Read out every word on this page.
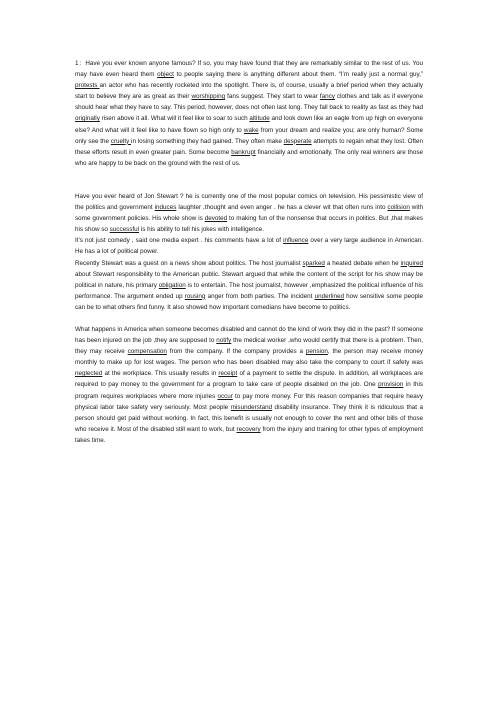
1：Have you ever known anyone famous? If so, you may have found that they are remarkably similar to the rest of us. You may have even heard them object to people saying there is anything different about them. “I’m really just a normal guy,” protests an actor who has recently rocketed into the spotlight. There is, of course, usually a brief period when they actually start to believe they are as great as their worshipping fans suggest. They start to wear fancy clothes and talk as if everyone should hear what they have to say. This period, however, does not often last long. They fall back to reality as fast as they had originally risen above it all. What will it feel like to soar to such altitude and look down like an eagle from up high on everyone else? And what will it feel like to have flown so high only to wake from your dream and realize you; are only human? Some only see the cruelty in losing something they had gained. They often make desperate attempts to regain what they lost. Often these efforts result in even greater pain. Some become bankrupt financially and emotionally. The only real winners are those who are happy to be back on the ground with the rest of us.

Have you ever heard of Jon Stewart ? he is currently one of the most popular comics on television. His pessimistic view of the politics and government induces laughter ,thought and even anger . he has a clever wit that often runs into collision with some government policies. His whole show is devoted to making fun of the nonsense that occurs in politics. But ,that makes his show so successful is his ability to tell his jokes with intelligence.

It’s not just comedy , said one media expert . his comments have a lot of influence over a very large audience in American. He has a lot of political power.

Recently Stewart was a guest on a news show about politics. The host journalist sparked a heated debate when he inquired about Stewart responsibility to the American public. Stewart argued that while the content of the script for his show may be political in nature, his primary obligation is to entertain. The host journalist, however ,emphasized the political influence of his performance. The argument ended up rousing anger from both parties. The incident underlined how sensitive some people can be to what others find funny. It also showed how important comedians have become to politics.

What happens in America when someone becomes disabled and cannot do the kind of work they did in the past? If someone has been injured on the job ,they are supposed to notify the medical worker ,who would certify that there is a problem. Then, they may receive compensation from the company. If the company provides a pension, the person may receive money monthly to make up for lost wages. The person who has been disabled may also take the company to court if safety was neglected at the workplace. This usually results in receipt of a payment to settle the dispute. In addition, all workplaces are required to pay money to the government for a program to take care of people disabled on the job. One provision in this program requires workplaces where more injuries occur to pay more money. For this reason companies that require heavy physical labor take safety very seriously. Most people misunderstand disability insurance. They think it is ridiculous that a person should get paid without working. In fact, this benefit is usually not enough to cover the rent and other bills of those who receive it. Most of the disabled still want to work, but recovery from the injury and training for other types of employment takes time.
